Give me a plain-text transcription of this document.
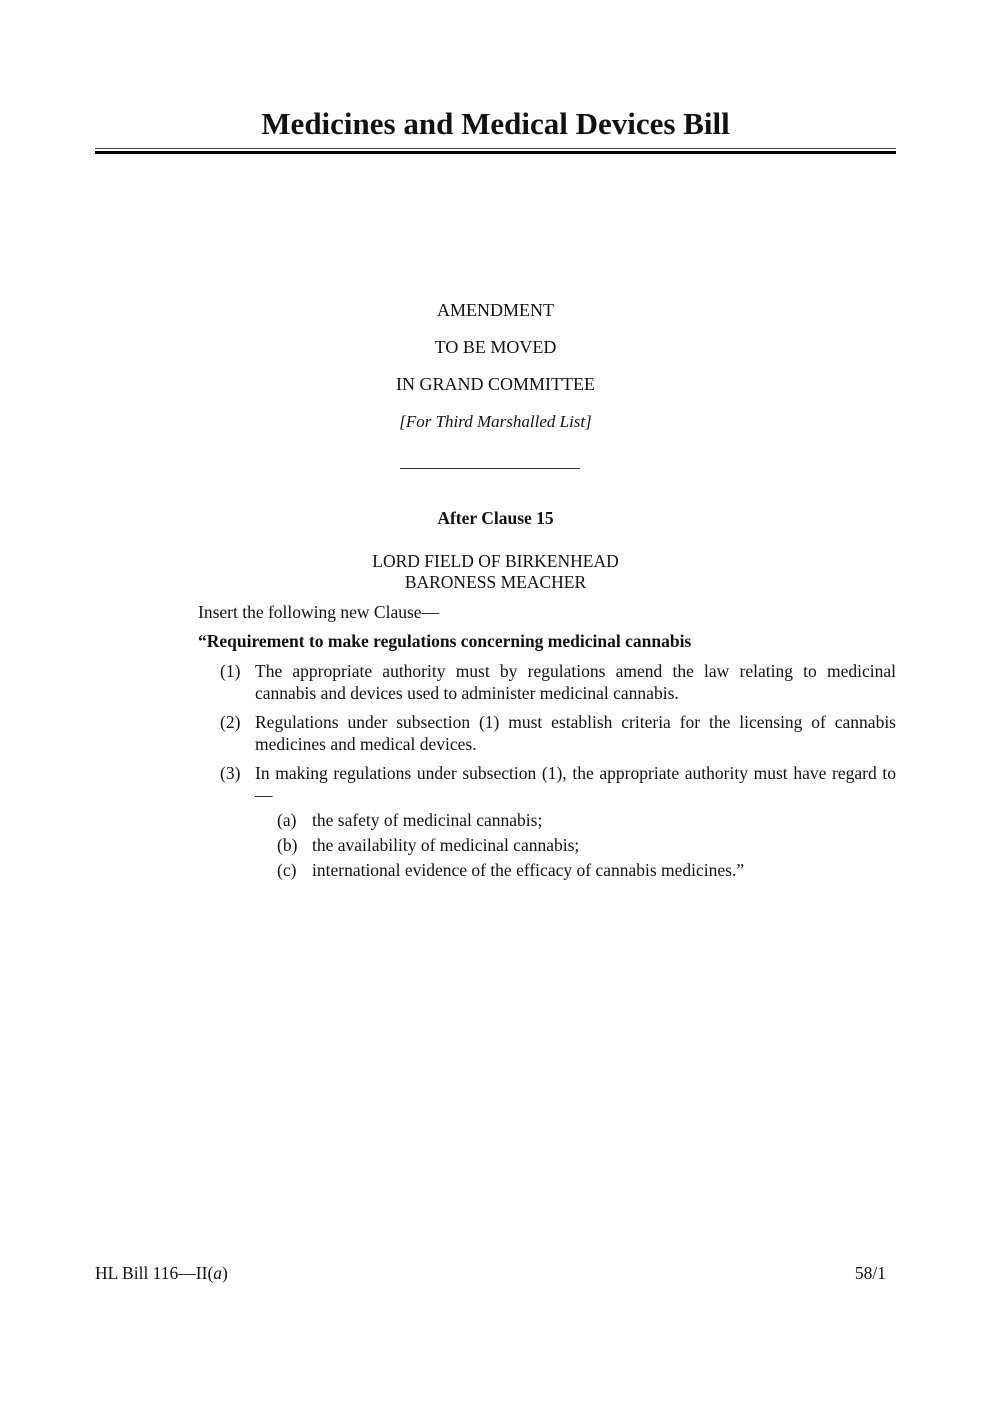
Medicines and Medical Devices Bill
AMENDMENT
TO BE MOVED
IN GRAND COMMITTEE
[For Third Marshalled List]
After Clause 15
LORD FIELD OF BIRKENHEAD
BARONESS MEACHER
Insert the following new Clause—
“Requirement to make regulations concerning medicinal cannabis
(1) The appropriate authority must by regulations amend the law relating to medicinal cannabis and devices used to administer medicinal cannabis.
(2) Regulations under subsection (1) must establish criteria for the licensing of cannabis medicines and medical devices.
(3) In making regulations under subsection (1), the appropriate authority must have regard to—
(a) the safety of medicinal cannabis;
(b) the availability of medicinal cannabis;
(c) international evidence of the efficacy of cannabis medicines.”
HL Bill 116—II(a)	58/1
